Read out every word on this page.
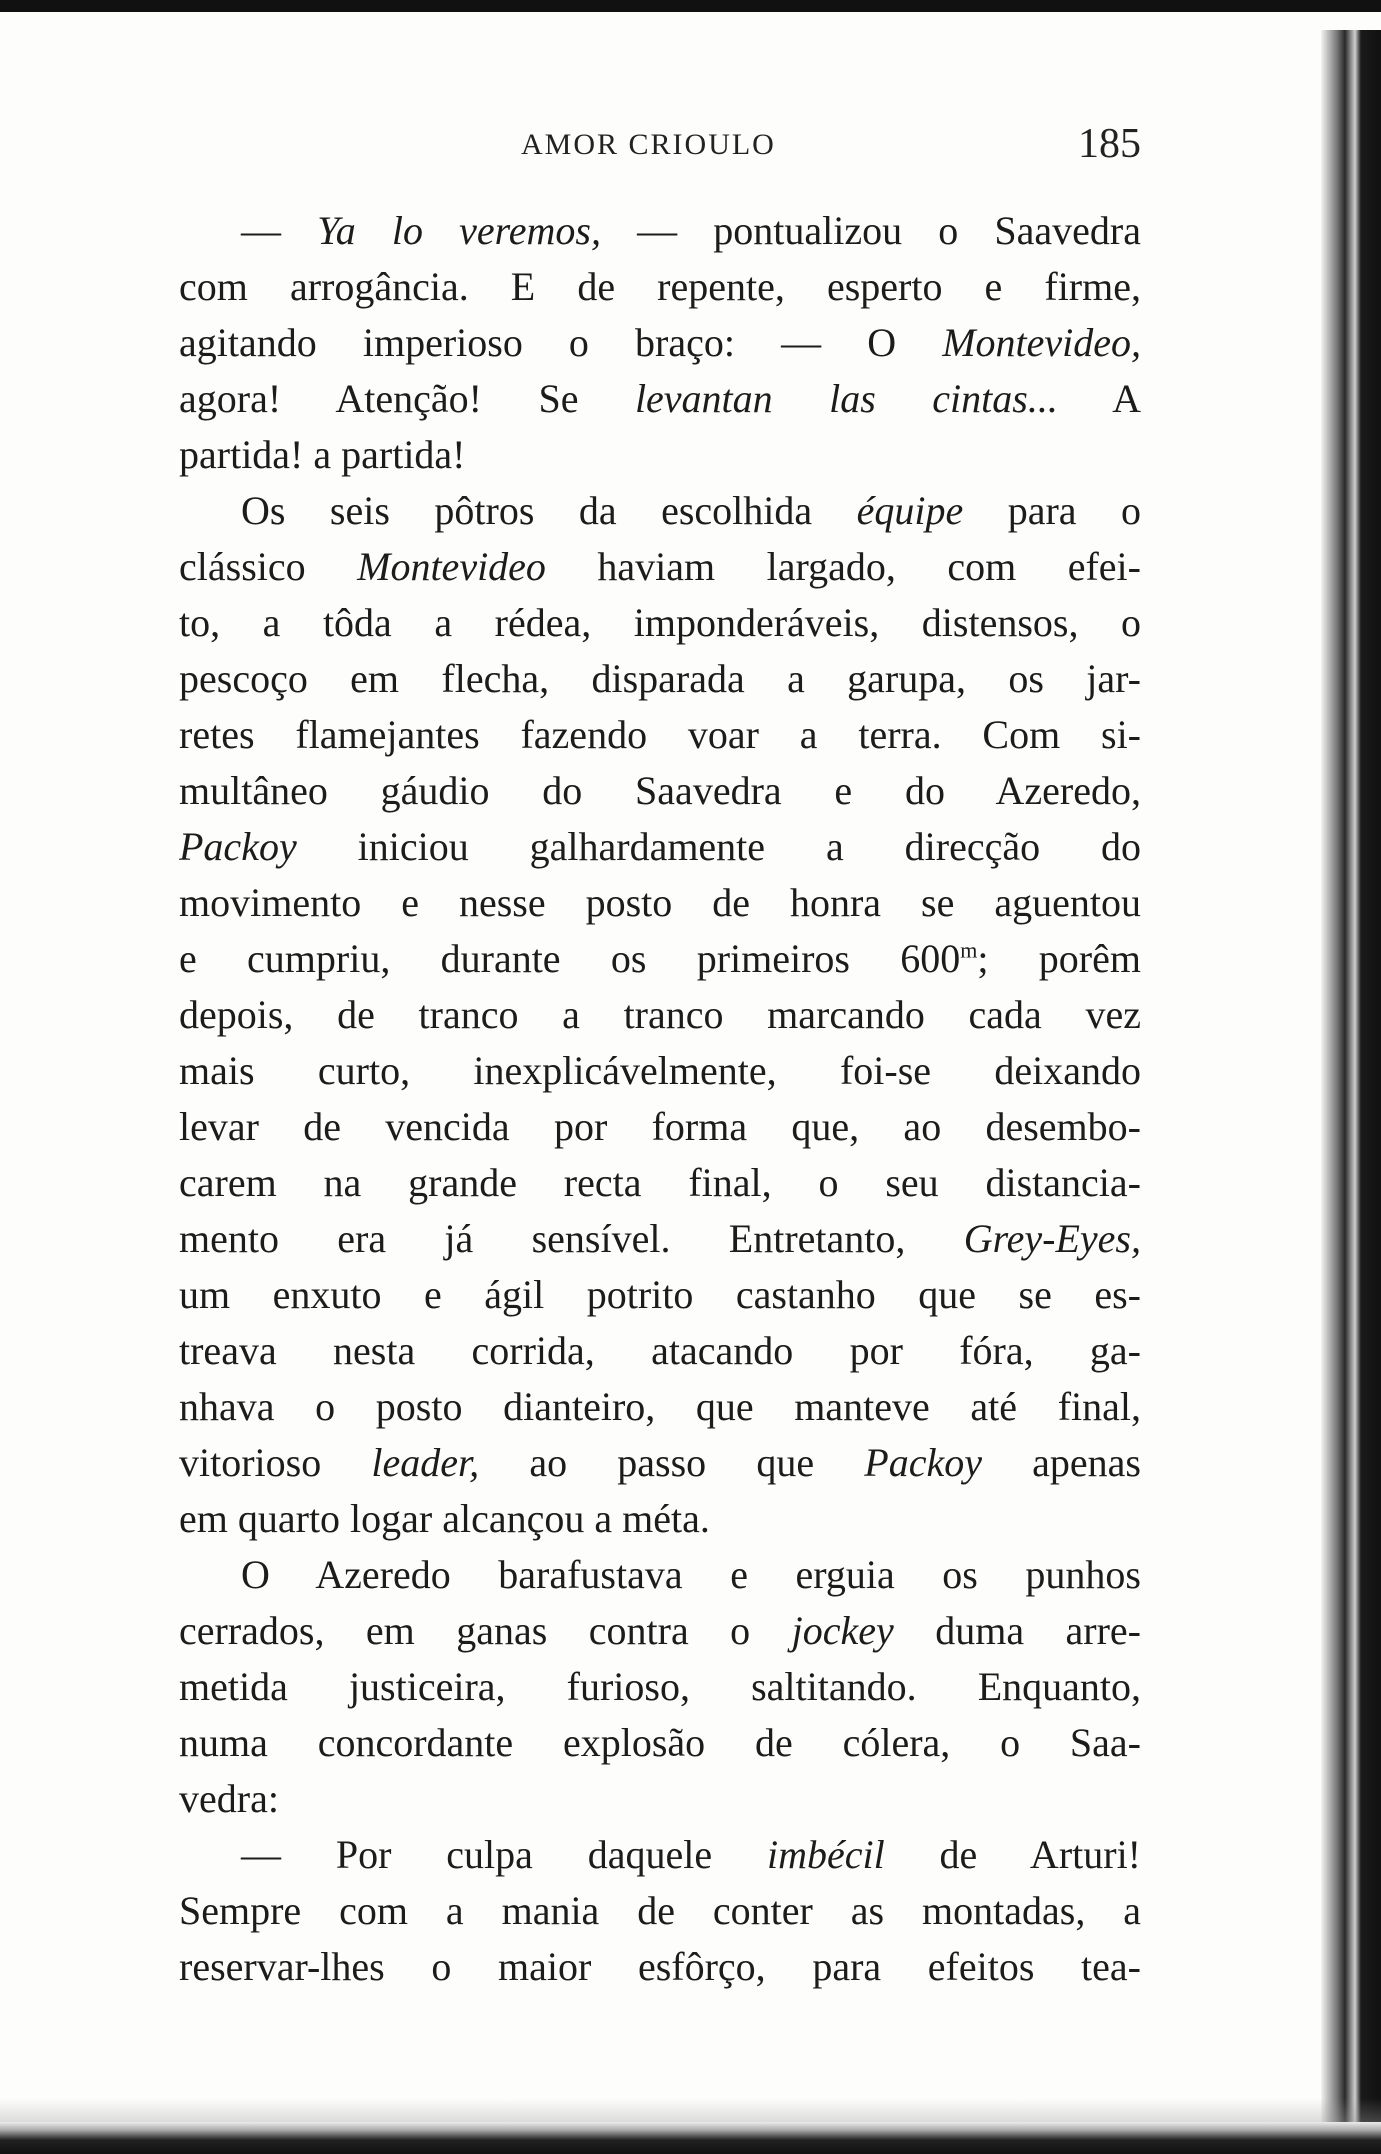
AMOR CRIOULO	185
— Ya lo veremos, — pontualizou o Saavedra
com arrogância. E de repente, esperto e firme,
agitando imperioso o braço: — O Montevideo,
agora! Atenção! Se levantan las cintas... A
partida! a partida!
Os seis pôtros da escolhida équipe para o
clássico Montevideo haviam largado, com efei-
to, a tôda a rédea, imponderáveis, distensos, o
pescoço em flecha, disparada a garupa, os jar-
retes flamejantes fazendo voar a terra. Com si-
multâneo gáudio do Saavedra e do Azeredo,
Packoy iniciou galhardamente a direcção do
movimento e nesse posto de honra se aguentou
e cumpriu, durante os primeiros 600$^m$; porêm
depois, de tranco a tranco marcando cada vez
mais curto, inexplicávelmente, foi-se deixando
levar de vencida por forma que, ao desembo-
carem na grande recta final, o seu distancia-
mento era já sensível. Entretanto, Grey-Eyes,
um enxuto e ágil potrito castanho que se es-
treava nesta corrida, atacando por fóra, ga-
nhava o posto dianteiro, que manteve até final,
vitorioso leader, ao passo que Packoy apenas
em quarto logar alcançou a méta.
O Azeredo barafustava e erguia os punhos
cerrados, em ganas contra o jockey duma arre-
metida justiceira, furioso, saltitando. Enquanto,
numa concordante explosão de cólera, o Saa-
vedra:
— Por culpa daquele imbécil de Arturi!
Sempre com a mania de conter as montadas, a
reservar-lhes o maior esfôrço, para efeitos tea-
